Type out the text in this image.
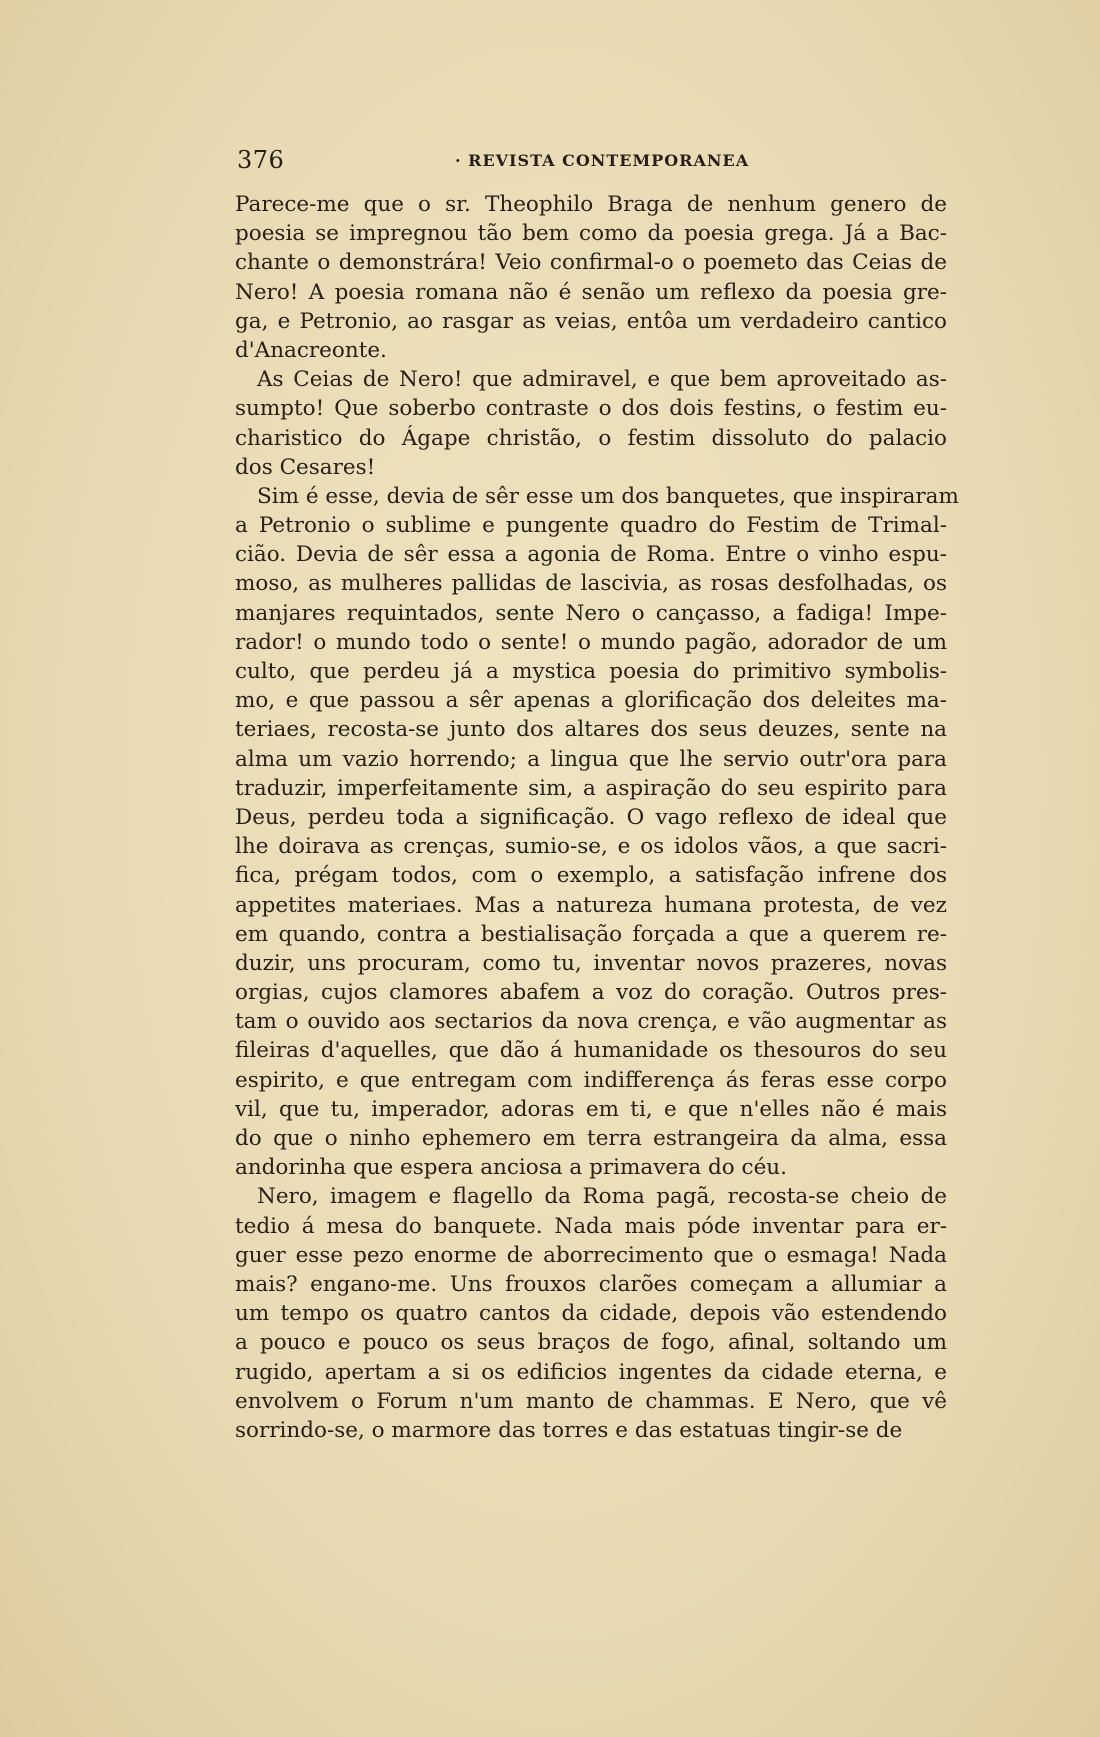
376	· REVISTA CONTEMPORANEA
Parece-me que o sr. Theophilo Braga de nenhum genero de
poesia se impregnou tão bem como da poesia grega. Já a Bac-
chante o demonstrára! Veio confirmal-o o poemeto das Ceias de
Nero! A poesia romana não é senão um reflexo da poesia gre-
ga, e Petronio, ao rasgar as veias, entôa um verdadeiro cantico
d'Anacreonte.
As Ceias de Nero! que admiravel, e que bem aproveitado as-
sumpto! Que soberbo contraste o dos dois festins, o festim eu-
charistico do Ágape christão, o festim dissoluto do palacio
dos Cesares!
Sim é esse, devia de sêr esse um dos banquetes, que inspiraram
a Petronio o sublime e pungente quadro do Festim de Trimal-
cião. Devia de sêr essa a agonia de Roma. Entre o vinho espu-
moso, as mulheres pallidas de lascivia, as rosas desfolhadas, os
manjares requintados, sente Nero o cançasso, a fadiga! Impe-
rador! o mundo todo o sente! o mundo pagão, adorador de um
culto, que perdeu já a mystica poesia do primitivo symbolis-
mo, e que passou a sêr apenas a glorificação dos deleites ma-
teriaes, recosta-se junto dos altares dos seus deuzes, sente na
alma um vazio horrendo; a lingua que lhe servio outr'ora para
traduzir, imperfeitamente sim, a aspiração do seu espirito para
Deus, perdeu toda a significação. O vago reflexo de ideal que
lhe doirava as crenças, sumio-se, e os idolos vãos, a que sacri-
fica, prégam todos, com o exemplo, a satisfação infrene dos
appetites materiaes. Mas a natureza humana protesta, de vez
em quando, contra a bestialisação forçada a que a querem re-
duzir, uns procuram, como tu, inventar novos prazeres, novas
orgias, cujos clamores abafem a voz do coração. Outros pres-
tam o ouvido aos sectarios da nova crença, e vão augmentar as
fileiras d'aquelles, que dão á humanidade os thesouros do seu
espirito, e que entregam com indifferença ás feras esse corpo
vil, que tu, imperador, adoras em ti, e que n'elles não é mais
do que o ninho ephemero em terra estrangeira da alma, essa
andorinha que espera anciosa a primavera do céu.
Nero, imagem e flagello da Roma pagã, recosta-se cheio de
tedio á mesa do banquete. Nada mais póde inventar para er-
guer esse pezo enorme de aborrecimento que o esmaga! Nada
mais? engano-me. Uns frouxos clarões começam a allumiar a
um tempo os quatro cantos da cidade, depois vão estendendo
a pouco e pouco os seus braços de fogo, afinal, soltando um
rugido, apertam a si os edificios ingentes da cidade eterna, e
envolvem o Forum n'um manto de chammas. E Nero, que vê
sorrindo-se, o marmore das torres e das estatuas tingir-se de
